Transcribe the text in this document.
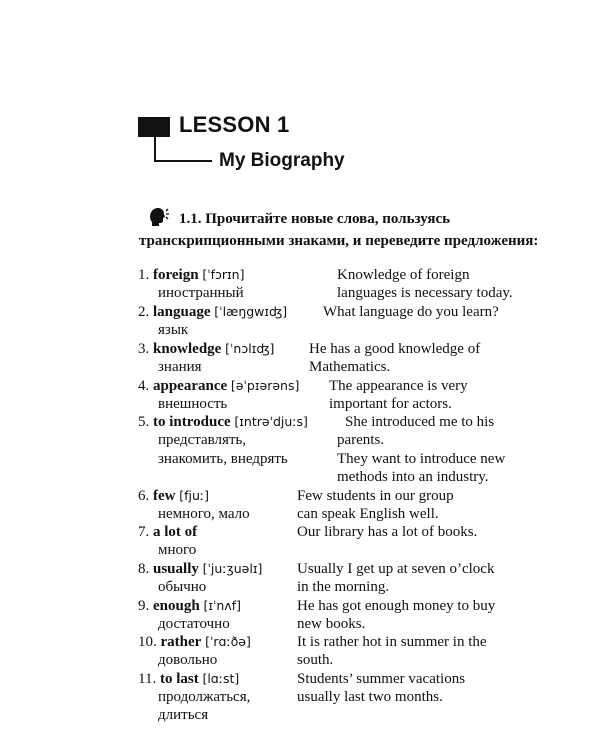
LESSON 1
My Biography
1.1. Прочитайте новые слова, пользуясь транскрипционными знаками, и переведите предложения:
1. foreign [ˈfɔrɪn]
иностранный
Knowledge of foreign
languages is necessary today.
2. language [ˈlæŋgwɪʤ]
язык
What language do you learn?
3. knowledge [ˈnɔlɪʤ]
знания
He has a good knowledge of
Mathematics.
4. appearance [əˈpɪərəns]
внешность
The appearance is very
important for actors.
5. to introduce [ɪntrəˈdjuːs]
представлять,
знакомить, внедрять
She introduced me to his
parents.
They want to introduce new
methods into an industry.
6. few [fjuː]
немного, мало
Few students in our group
can speak English well.
7. a lot of
много
Our library has a lot of books.
8. usually [ˈjuːʒuəlɪ]
обычно
Usually I get up at seven o’clock
in the morning.
9. enough [ɪˈnʌf]
достаточно
He has got enough money to buy
new books.
10. rather [ˈrɑːðə]
довольно
It is rather hot in summer in the
south.
11. to last [lɑːst]
продолжаться,
длиться
Students’ summer vacations
usually last two months.
